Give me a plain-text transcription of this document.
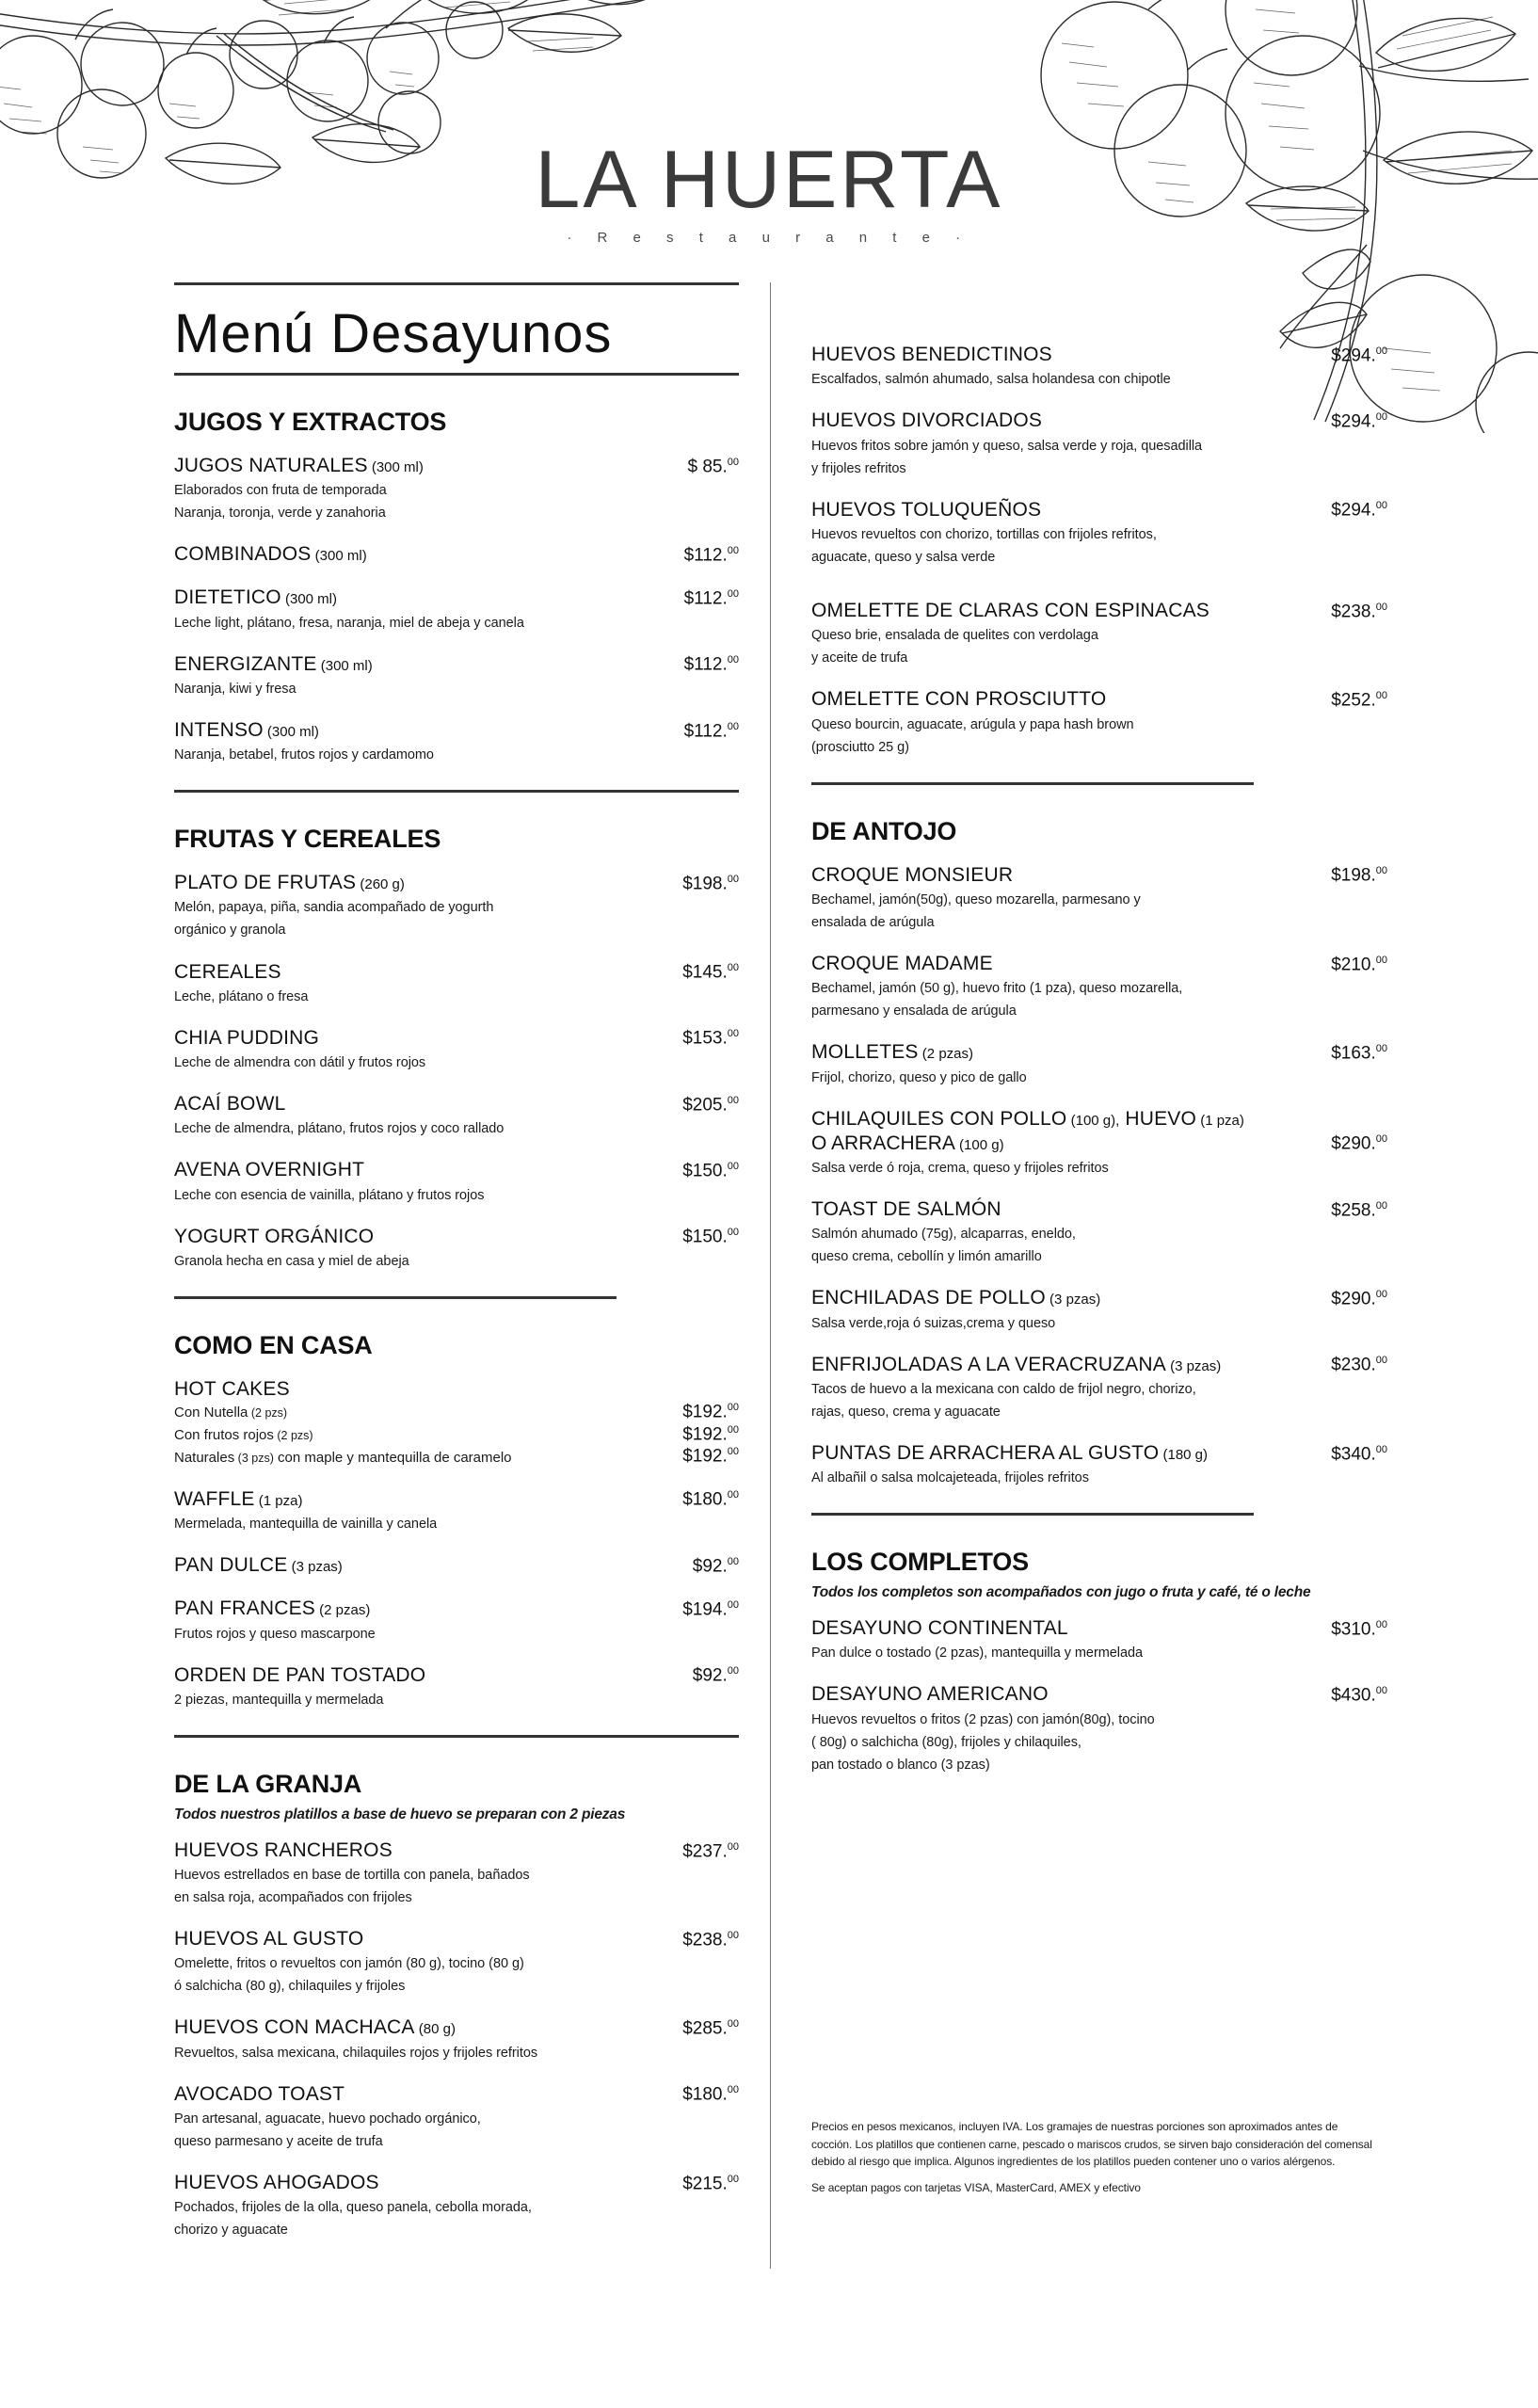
LA HUERTA
· R e s t a u r a n t e ·
Menú Desayunos
JUGOS Y EXTRACTOS
JUGOS NATURALES (300 ml)	$ 85.00
Elaborados con fruta de temporada
Naranja, toronja, verde y zanahoria
COMBINADOS (300 ml)	$112.00
DIETETICO (300 ml)	$112.00
Leche light, plátano, fresa, naranja, miel de abeja y canela
ENERGIZANTE (300 ml)	$112.00
Naranja, kiwi y fresa
INTENSO (300 ml)	$112.00
Naranja, betabel, frutos rojos y cardamomo
FRUTAS Y CEREALES
PLATO DE FRUTAS (260 g)	$198.00
Melón, papaya, piña, sandia acompañado de yogurth
orgánico y granola
CEREALES	$145.00
Leche, plátano o fresa
CHIA PUDDING	$153.00
Leche de almendra con dátil y frutos rojos
ACAÍ BOWL	$205.00
Leche de almendra, plátano, frutos rojos y coco rallado
AVENA OVERNIGHT	$150.00
Leche con esencia de vainilla, plátano y frutos rojos
YOGURT ORGÁNICO	$150.00
Granola hecha en casa y miel de abeja
COMO EN CASA
HOT CAKES
Con Nutella (2 pzs)	$192.00
Con frutos rojos (2 pzs)	$192.00
Naturales (3 pzs) con maple y mantequilla de caramelo	$192.00
WAFFLE (1 pza)	$180.00
Mermelada, mantequilla de vainilla y canela
PAN DULCE (3 pzas)	$92.00
PAN FRANCES (2 pzas)	$194.00
Frutos rojos y queso mascarpone
ORDEN DE PAN TOSTADO	$92.00
2 piezas, mantequilla y mermelada
DE LA GRANJA
Todos nuestros platillos a base de huevo se preparan con 2 piezas
HUEVOS RANCHEROS	$237.00
Huevos estrellados en base de tortilla con panela, bañados
en salsa roja, acompañados con frijoles
HUEVOS AL GUSTO	$238.00
Omelette, fritos o revueltos con jamón (80 g), tocino (80 g)
ó salchicha (80 g), chilaquiles y frijoles
HUEVOS CON MACHACA (80 g)	$285.00
Revueltos, salsa mexicana, chilaquiles rojos y frijoles refritos
AVOCADO TOAST	$180.00
Pan artesanal, aguacate, huevo pochado orgánico,
queso parmesano y aceite de trufa
HUEVOS AHOGADOS	$215.00
Pochados, frijoles de la olla, queso panela, cebolla morada,
chorizo y aguacate
HUEVOS BENEDICTINOS	$294.00
Escalfados, salmón ahumado, salsa holandesa con chipotle
HUEVOS DIVORCIADOS	$294.00
Huevos fritos sobre jamón y queso, salsa verde y roja, quesadilla
y frijoles refritos
HUEVOS TOLUQUEÑOS	$294.00
Huevos revueltos con chorizo, tortillas con frijoles refritos,
aguacate, queso y salsa verde
OMELETTE DE CLARAS CON ESPINACAS	$238.00
Queso brie, ensalada de quelites con verdolaga
y aceite de trufa
OMELETTE CON PROSCIUTTO	$252.00
Queso bourcin, aguacate, arúgula y papa hash brown
(prosciutto 25 g)
DE ANTOJO
CROQUE MONSIEUR	$198.00
Bechamel, jamón(50g), queso mozarella, parmesano y
ensalada de arúgula
CROQUE MADAME	$210.00
Bechamel, jamón (50 g), huevo frito (1 pza), queso mozarella,
parmesano y ensalada de arúgula
MOLLETES (2 pzas)	$163.00
Frijol, chorizo, queso y pico de gallo
CHILAQUILES CON POLLO (100 g), HUEVO (1 pza)
O ARRACHERA (100 g)	$290.00
Salsa verde ó roja, crema, queso y frijoles refritos
TOAST DE SALMÓN	$258.00
Salmón ahumado (75g), alcaparras, eneldo,
queso crema, cebollín y limón amarillo
ENCHILADAS DE POLLO (3 pzas)	$290.00
Salsa verde,roja ó suizas,crema y queso
ENFRIJOLADAS A LA VERACRUZANA (3 pzas)	$230.00
Tacos de huevo a la mexicana con caldo de frijol negro, chorizo,
rajas, queso, crema y aguacate
PUNTAS DE ARRACHERA AL GUSTO (180 g)	$340.00
Al albañil o salsa molcajeteada, frijoles refritos
LOS COMPLETOS
Todos los completos son acompañados con jugo o fruta y café, té o leche
DESAYUNO CONTINENTAL	$310.00
Pan dulce o tostado (2 pzas), mantequilla y mermelada
DESAYUNO AMERICANO	$430.00
Huevos revueltos o fritos (2 pzas) con jamón(80g), tocino
( 80g) o salchicha (80g), frijoles y chilaquiles,
pan tostado o blanco (3 pzas)

Precios en pesos mexicanos, incluyen IVA. Los gramajes de nuestras porciones son aproximados antes de cocción. Los platillos que contienen carne, pescado o mariscos crudos, se sirven bajo consideración del comensal debido al riesgo que implica. Algunos ingredientes de los platillos pueden contener uno o varios alérgenos.

Se aceptan pagos con tarjetas VISA, MasterCard, AMEX y efectivo
